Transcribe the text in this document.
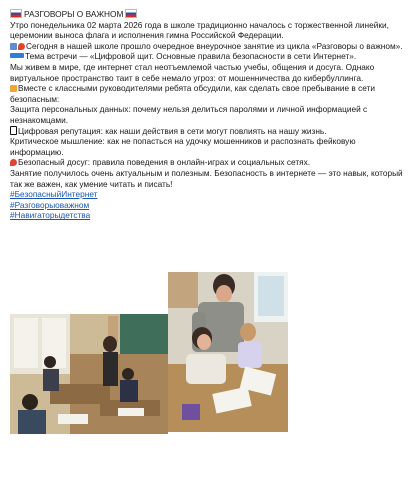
РАЗГОВОРЫ О ВАЖНОМ

Утро понедельника 02 марта 2026 года в школе традиционно началось с торжественной линейки, церемонии выноса флага и исполнения гимна Российской Федерации.

Сегодня в нашей школе прошло очередное внеурочное занятие из цикла «Разговоры о важном».

Тема встречи — «Цифровой щит. Основные правила безопасности в сети Интернет».

Мы живем в мире, где интернет стал неотъемлемой частью учебы, общения и досуга. Однако виртуальное пространство таит в себе немало угроз: от мошенничества до кибербуллинга.

Вместе с классными руководителями ребята обсудили, как сделать свое пребывание в сети безопасным:

Защита персональных данных: почему нельзя делиться паролями и личной информацией с незнакомцами.

Цифровая репутация: как наши действия в сети могут повлиять на нашу жизнь.

Критическое мышление: как не попасться на удочку мошенников и распознать фейковую информацию.

Безопасный досуг: правила поведения в онлайн-играх и социальных сетях.

Занятие получилось очень актуальным и полезным. Безопасность в интернете — это навык, который так же важен, как умение читать и писать!

#БезопасныйИнтернет

#Разговорыоважном

#Навигаторыдетства
